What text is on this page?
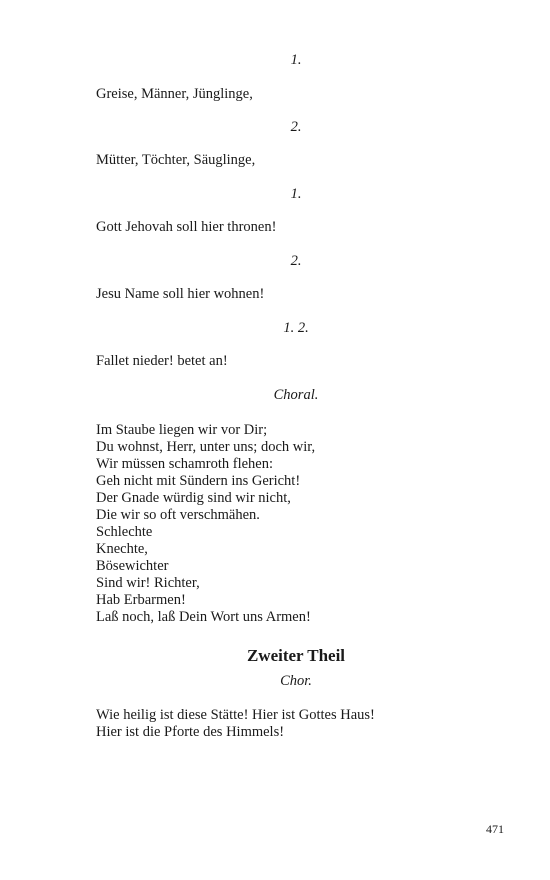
1.
Greise, Männer, Jünglinge,
2.
Mütter, Töchter, Säuglinge,
1.
Gott Jehovah soll hier thronen!
2.
Jesu Name soll hier wohnen!
1. 2.
Fallet nieder! betet an!
Choral.
Im Staube liegen wir vor Dir;
Du wohnst, Herr, unter uns; doch wir,
Wir müssen schamroth flehen:
Geh nicht mit Sündern ins Gericht!
Der Gnade würdig sind wir nicht,
Die wir so oft verschmähen.
Schlechte
Knechte,
Bösewichter
Sind wir! Richter,
Hab Erbarmen!
Laß noch, laß Dein Wort uns Armen!
Zweiter Theil
Chor.
Wie heilig ist diese Stätte! Hier ist Gottes Haus!
Hier ist die Pforte des Himmels!
471
